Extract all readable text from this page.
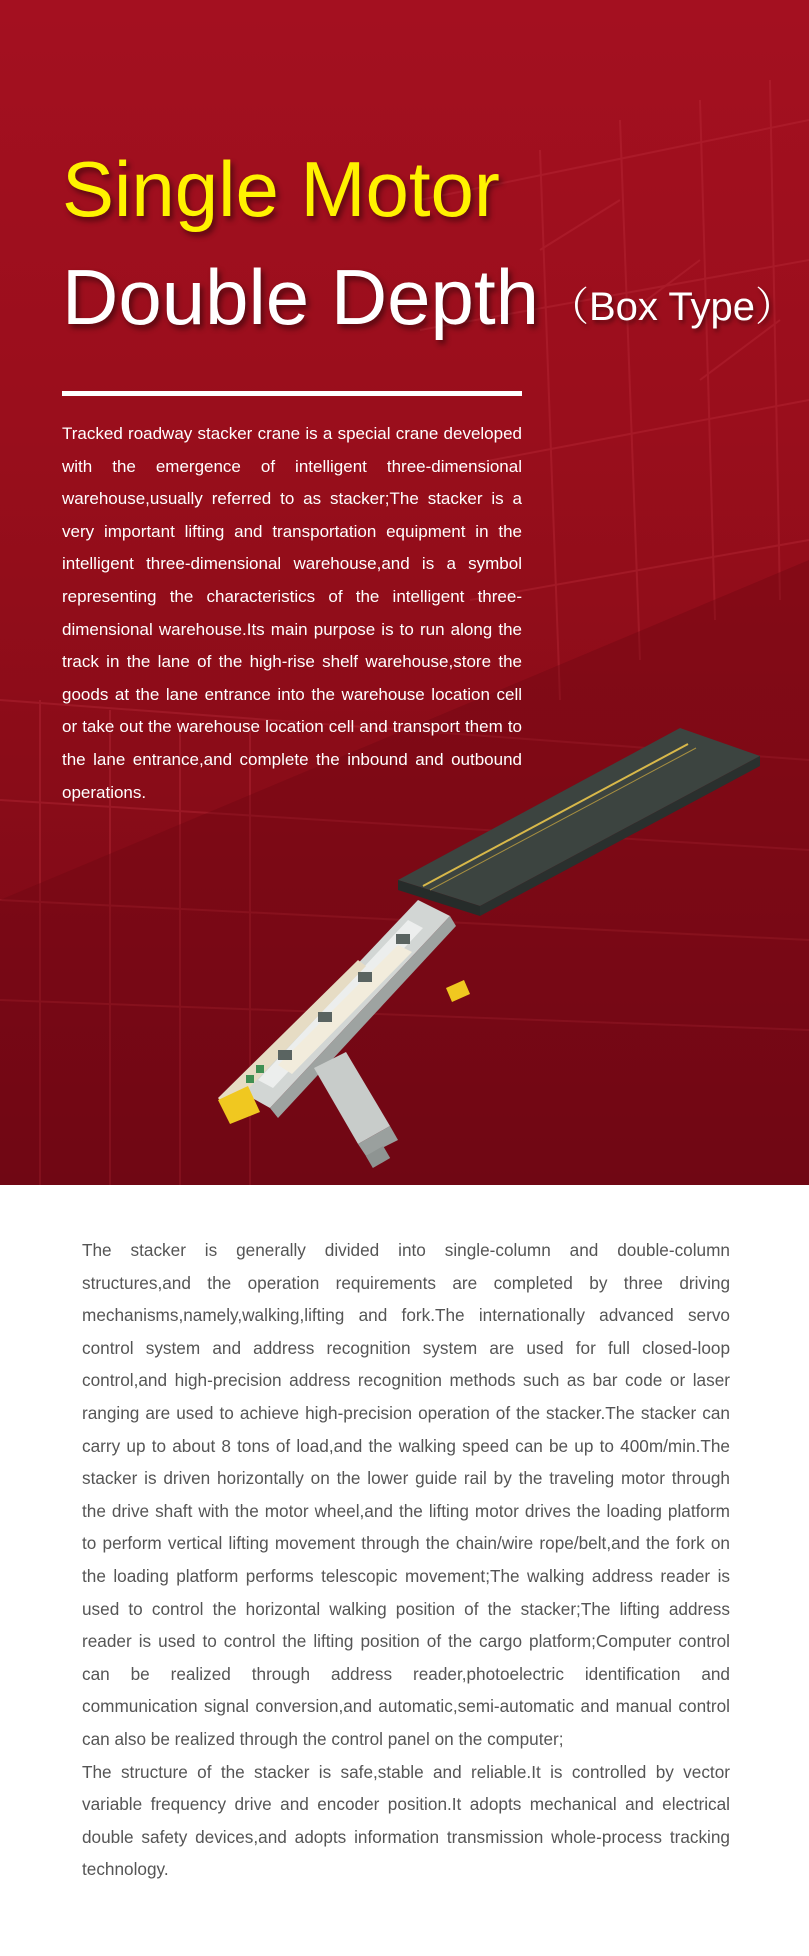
Single Motor
Double Depth （Box Type）

Tracked roadway stacker crane is a special crane developed with the emergence of intelligent three-dimensional warehouse,usually referred to as stacker;The stacker is a very important lifting and transportation equipment in the intelligent three-dimensional warehouse,and is a symbol representing the characteristics of the intelligent three-dimensional warehouse.Its main purpose is to run along the track in the lane of the high-rise shelf warehouse,store the goods at the lane entrance into the warehouse location cell or take out the warehouse location cell and transport them to the lane entrance,and complete the inbound and outbound operations.

The stacker is generally divided into single-column and double-column structures,and the operation requirements are completed by three driving mechanisms,namely,walking,lifting and fork.The internationally advanced servo control system and address recognition system are used for full closed-loop control,and high-precision address recognition methods such as bar code or laser ranging are used to achieve high-precision operation of the stacker.The stacker can carry up to about 8 tons of load,and the walking speed can be up to 400m/min.The stacker is driven horizontally on the lower guide rail by the traveling motor through the drive shaft with the motor wheel,and the lifting motor drives the loading platform to perform vertical lifting movement through the chain/wire rope/belt,and the fork on the loading platform performs telescopic movement;The walking address reader is used to control the horizontal walking position of the stacker;The lifting address reader is used to control the lifting position of the cargo platform;Computer control can be realized through address reader,photoelectric identification and communication signal conversion,and automatic,semi-automatic and manual control can also be realized through the control panel on the computer;

The structure of the stacker is safe,stable and reliable.It is controlled by vector variable frequency drive and encoder position.It adopts mechanical and electrical double safety devices,and adopts information transmission whole-process tracking technology.
